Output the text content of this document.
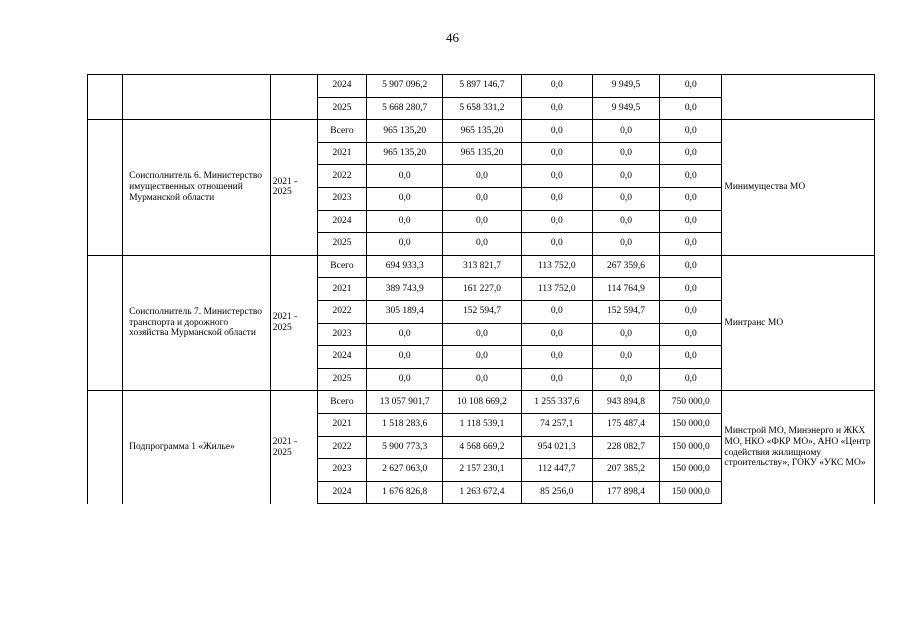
46
			2024	5 907 096,2	5 897 146,7	0,0	9 949,5	0,0	
			2025	5 668 280,7	5 658 331,2	0,0	9 949,5	0,0	
	Соисполнитель 6. Министерство имущественных отношений Мурманской области	2021 - 2025	Всего	965 135,20	965 135,20	0,0	0,0	0,0	Минимущества МО
			2021	965 135,20	965 135,20	0,0	0,0	0,0	
			2022	0,0	0,0	0,0	0,0	0,0	
			2023	0,0	0,0	0,0	0,0	0,0	
			2024	0,0	0,0	0,0	0,0	0,0	
			2025	0,0	0,0	0,0	0,0	0,0	
	Соисполнитель 7. Министерство транспорта и дорожного хозяйства Мурманской области	2021 - 2025	Всего	694 933,3	313 821,7	113 752,0	267 359,6	0,0	Минтранс МО
			2021	389 743,9	161 227,0	113 752,0	114 764,9	0,0	
			2022	305 189,4	152 594,7	0,0	152 594,7	0,0	
			2023	0,0	0,0	0,0	0,0	0,0	
			2024	0,0	0,0	0,0	0,0	0,0	
			2025	0,0	0,0	0,0	0,0	0,0	
	Подпрограмма 1 «Жилье»	2021 - 2025	Всего	13 057 901,7	10 108 669,2	1 255 337,6	943 894,8	750 000,0	Минстрой МО, Минэнерго и ЖКХ МО, НКО «ФКР МО», АНО «Центр содействия жилищному строительству», ГОКУ «УКС МО»
			2021	1 518 283,6	1 118 539,1	74 257,1	175 487,4	150 000,0	
			2022	5 900 773,3	4 568 669,2	954 021,3	228 082,7	150 000,0	
			2023	2 627 063,0	2 157 230,1	112 447,7	207 385,2	150 000,0	
			2024	1 676 826,8	1 263 672,4	85 256,0	177 898,4	150 000,0	
